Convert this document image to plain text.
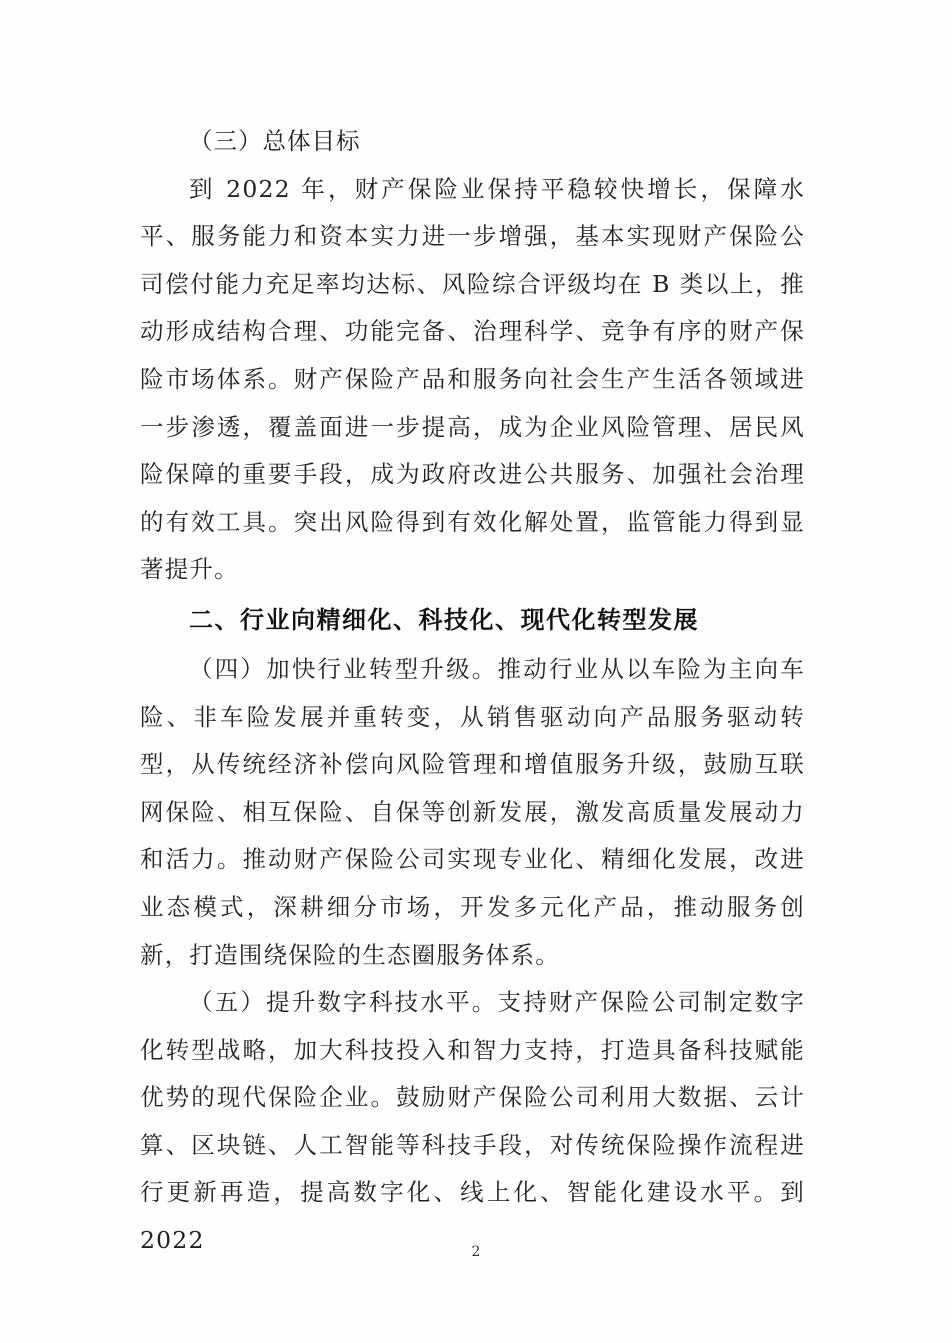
（三）总体目标

到 2022 年，财产保险业保持平稳较快增长，保障水平、服务能力和资本实力进一步增强，基本实现财产保险公司偿付能力充足率均达标、风险综合评级均在 B 类以上，推动形成结构合理、功能完备、治理科学、竞争有序的财产保险市场体系。财产保险产品和服务向社会生产生活各领域进一步渗透，覆盖面进一步提高，成为企业风险管理、居民风险保障的重要手段，成为政府改进公共服务、加强社会治理的有效工具。突出风险得到有效化解处置，监管能力得到显著提升。

二、行业向精细化、科技化、现代化转型发展

（四）加快行业转型升级。推动行业从以车险为主向车险、非车险发展并重转变，从销售驱动向产品服务驱动转型，从传统经济补偿向风险管理和增值服务升级，鼓励互联网保险、相互保险、自保等创新发展，激发高质量发展动力和活力。推动财产保险公司实现专业化、精细化发展，改进业态模式，深耕细分市场，开发多元化产品，推动服务创新，打造围绕保险的生态圈服务体系。

（五）提升数字科技水平。支持财产保险公司制定数字化转型战略，加大科技投入和智力支持，打造具备科技赋能优势的现代保险企业。鼓励财产保险公司利用大数据、云计算、区块链、人工智能等科技手段，对传统保险操作流程进行更新再造，提高数字化、线上化、智能化建设水平。到 2022	2
